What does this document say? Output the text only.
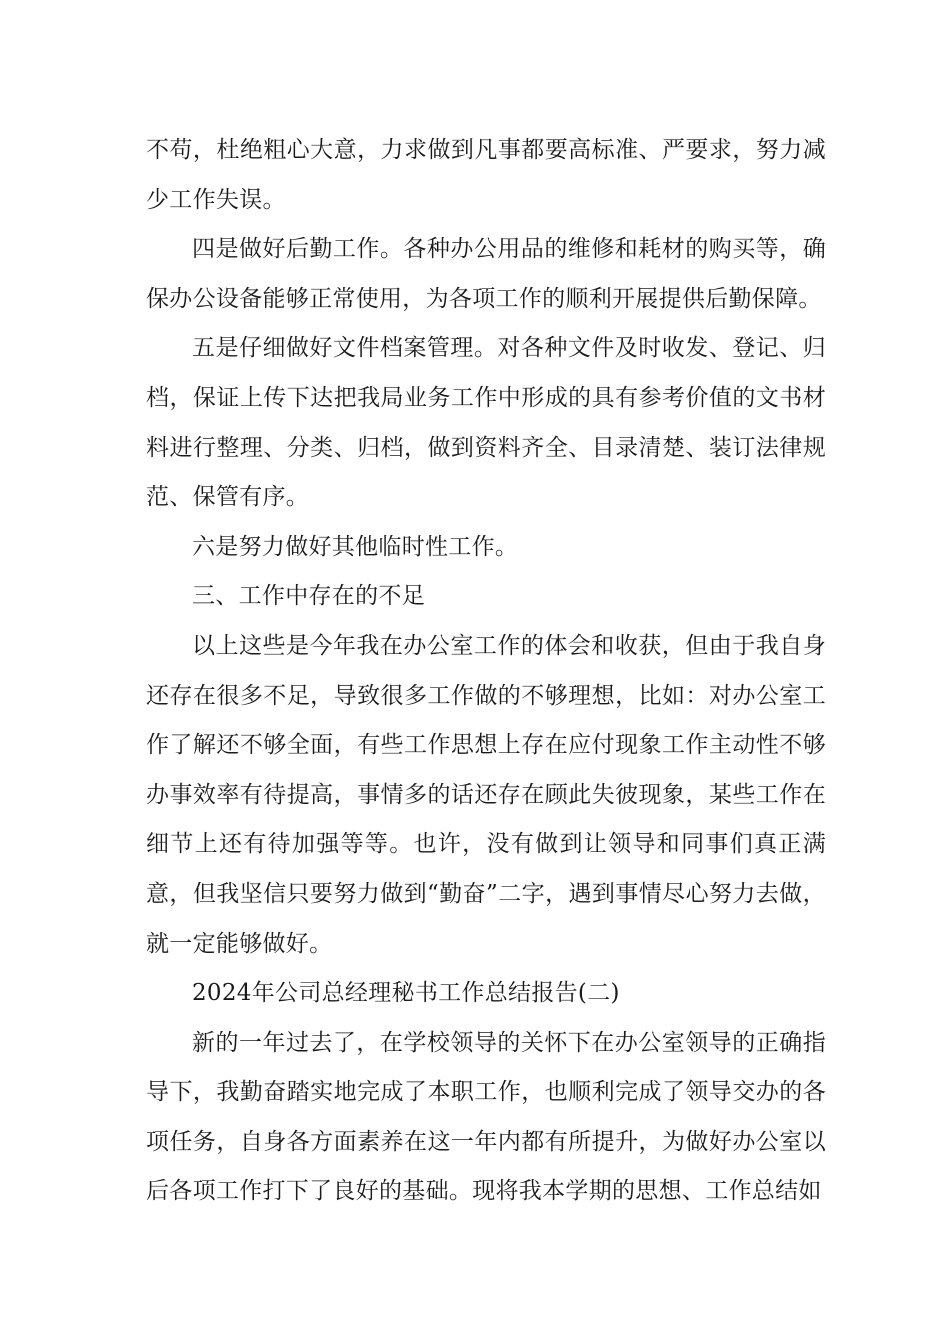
不苟，杜绝粗心大意，力求做到凡事都要高标准、严要求，努力减少工作失误。

四是做好后勤工作。各种办公用品的维修和耗材的购买等，确保办公设备能够正常使用，为各项工作的顺利开展提供后勤保障。

五是仔细做好文件档案管理。对各种文件及时收发、登记、归档，保证上传下达把我局业务工作中形成的具有参考价值的文书材料进行整理、分类、归档，做到资料齐全、目录清楚、装订法律规范、保管有序。

六是努力做好其他临时性工作。

三、工作中存在的不足

以上这些是今年我在办公室工作的体会和收获，但由于我自身还存在很多不足，导致很多工作做的不够理想，比如：对办公室工作了解还不够全面，有些工作思想上存在应付现象工作主动性不够办事效率有待提高，事情多的话还存在顾此失彼现象，某些工作在细节上还有待加强等等。也许，没有做到让领导和同事们真正满意，但我坚信只要努力做到“勤奋”二字，遇到事情尽心努力去做，就一定能够做好。

2024年公司总经理秘书工作总结报告(二)

新的一年过去了，在学校领导的关怀下在办公室领导的正确指导下，我勤奋踏实地完成了本职工作，也顺利完成了领导交办的各项任务，自身各方面素养在这一年内都有所提升，为做好办公室以后各项工作打下了良好的基础。现将我本学期的思想、工作总结如
